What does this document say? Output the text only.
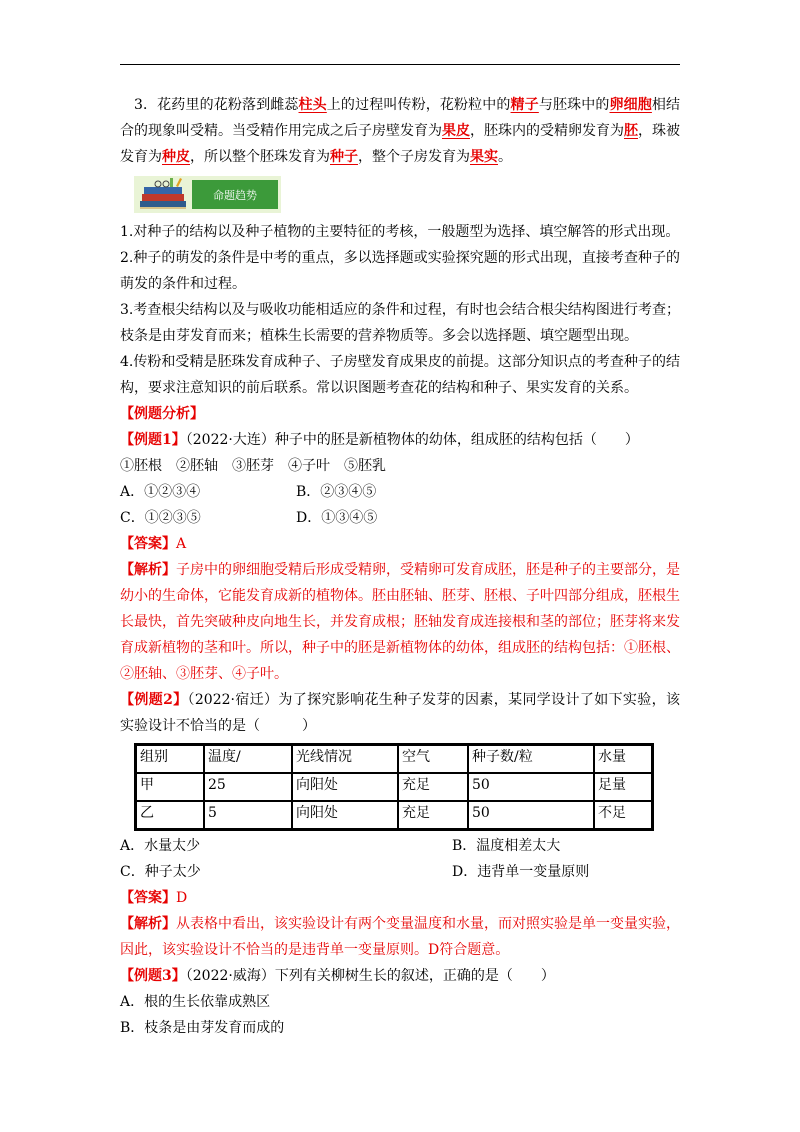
3．花药里的花粉落到雌蕊柱头上的过程叫传粉，花粉粒中的精子与胚珠中的卵细胞相结合的现象叫受精。当受精作用完成之后子房壁发育为果皮，胚珠内的受精卵发育为胚，珠被发育为种皮，所以整个胚珠发育为种子，整个子房发育为果实。

命题趋势

1.对种子的结构以及种子植物的主要特征的考核，一般题型为选择、填空解答的形式出现。

2.种子的萌发的条件是中考的重点，多以选择题或实验探究题的形式出现，直接考查种子的萌发的条件和过程。

3.考查根尖结构以及与吸收功能相适应的条件和过程，有时也会结合根尖结构图进行考查；枝条是由芽发育而来；植株生长需要的营养物质等。多会以选择题、填空题型出现。

4.传粉和受精是胚珠发育成种子、子房壁发育成果皮的前提。这部分知识点的考查种子的结构，要求注意知识的前后联系。常以识图题考查花的结构和种子、果实发育的关系。

【例题分析】

【例题1】（2022·大连）种子中的胚是新植物体的幼体，组成胚的结构包括（　　）

①胚根　②胚轴　③胚芽　④子叶　⑤胚乳

A．①②③④	B．②③④⑤
C．①②③⑤	D．①③④⑤

【答案】A

【解析】子房中的卵细胞受精后形成受精卵，受精卵可发育成胚，胚是种子的主要部分，是幼小的生命体，它能发育成新的植物体。胚由胚轴、胚芽、胚根、子叶四部分组成，胚根生长最快，首先突破种皮向地生长，并发育成根；胚轴发育成连接根和茎的部位；胚芽将来发育成新植物的茎和叶。所以，种子中的胚是新植物体的幼体，组成胚的结构包括：①胚根、②胚轴、③胚芽、④子叶。

【例题2】（2022·宿迁）为了探究影响花生种子发芽的因素，某同学设计了如下实验，该实验设计不恰当的是（　　　）

组别	温度/	光线情况	空气	种子数/粒	水量
甲	25	向阳处	充足	50	足量
乙	5	向阳处	充足	50	不足
A．水量太少	B．温度相差太大
C．种子太少	D．违背单一变量原则

【答案】D

【解析】从表格中看出，该实验设计有两个变量温度和水量，而对照实验是单一变量实验，因此，该实验设计不恰当的是违背单一变量原则。D符合题意。

【例题3】（2022·威海）下列有关柳树生长的叙述，正确的是（　　）

A．根的生长依靠成熟区

B．枝条是由芽发育而成的
